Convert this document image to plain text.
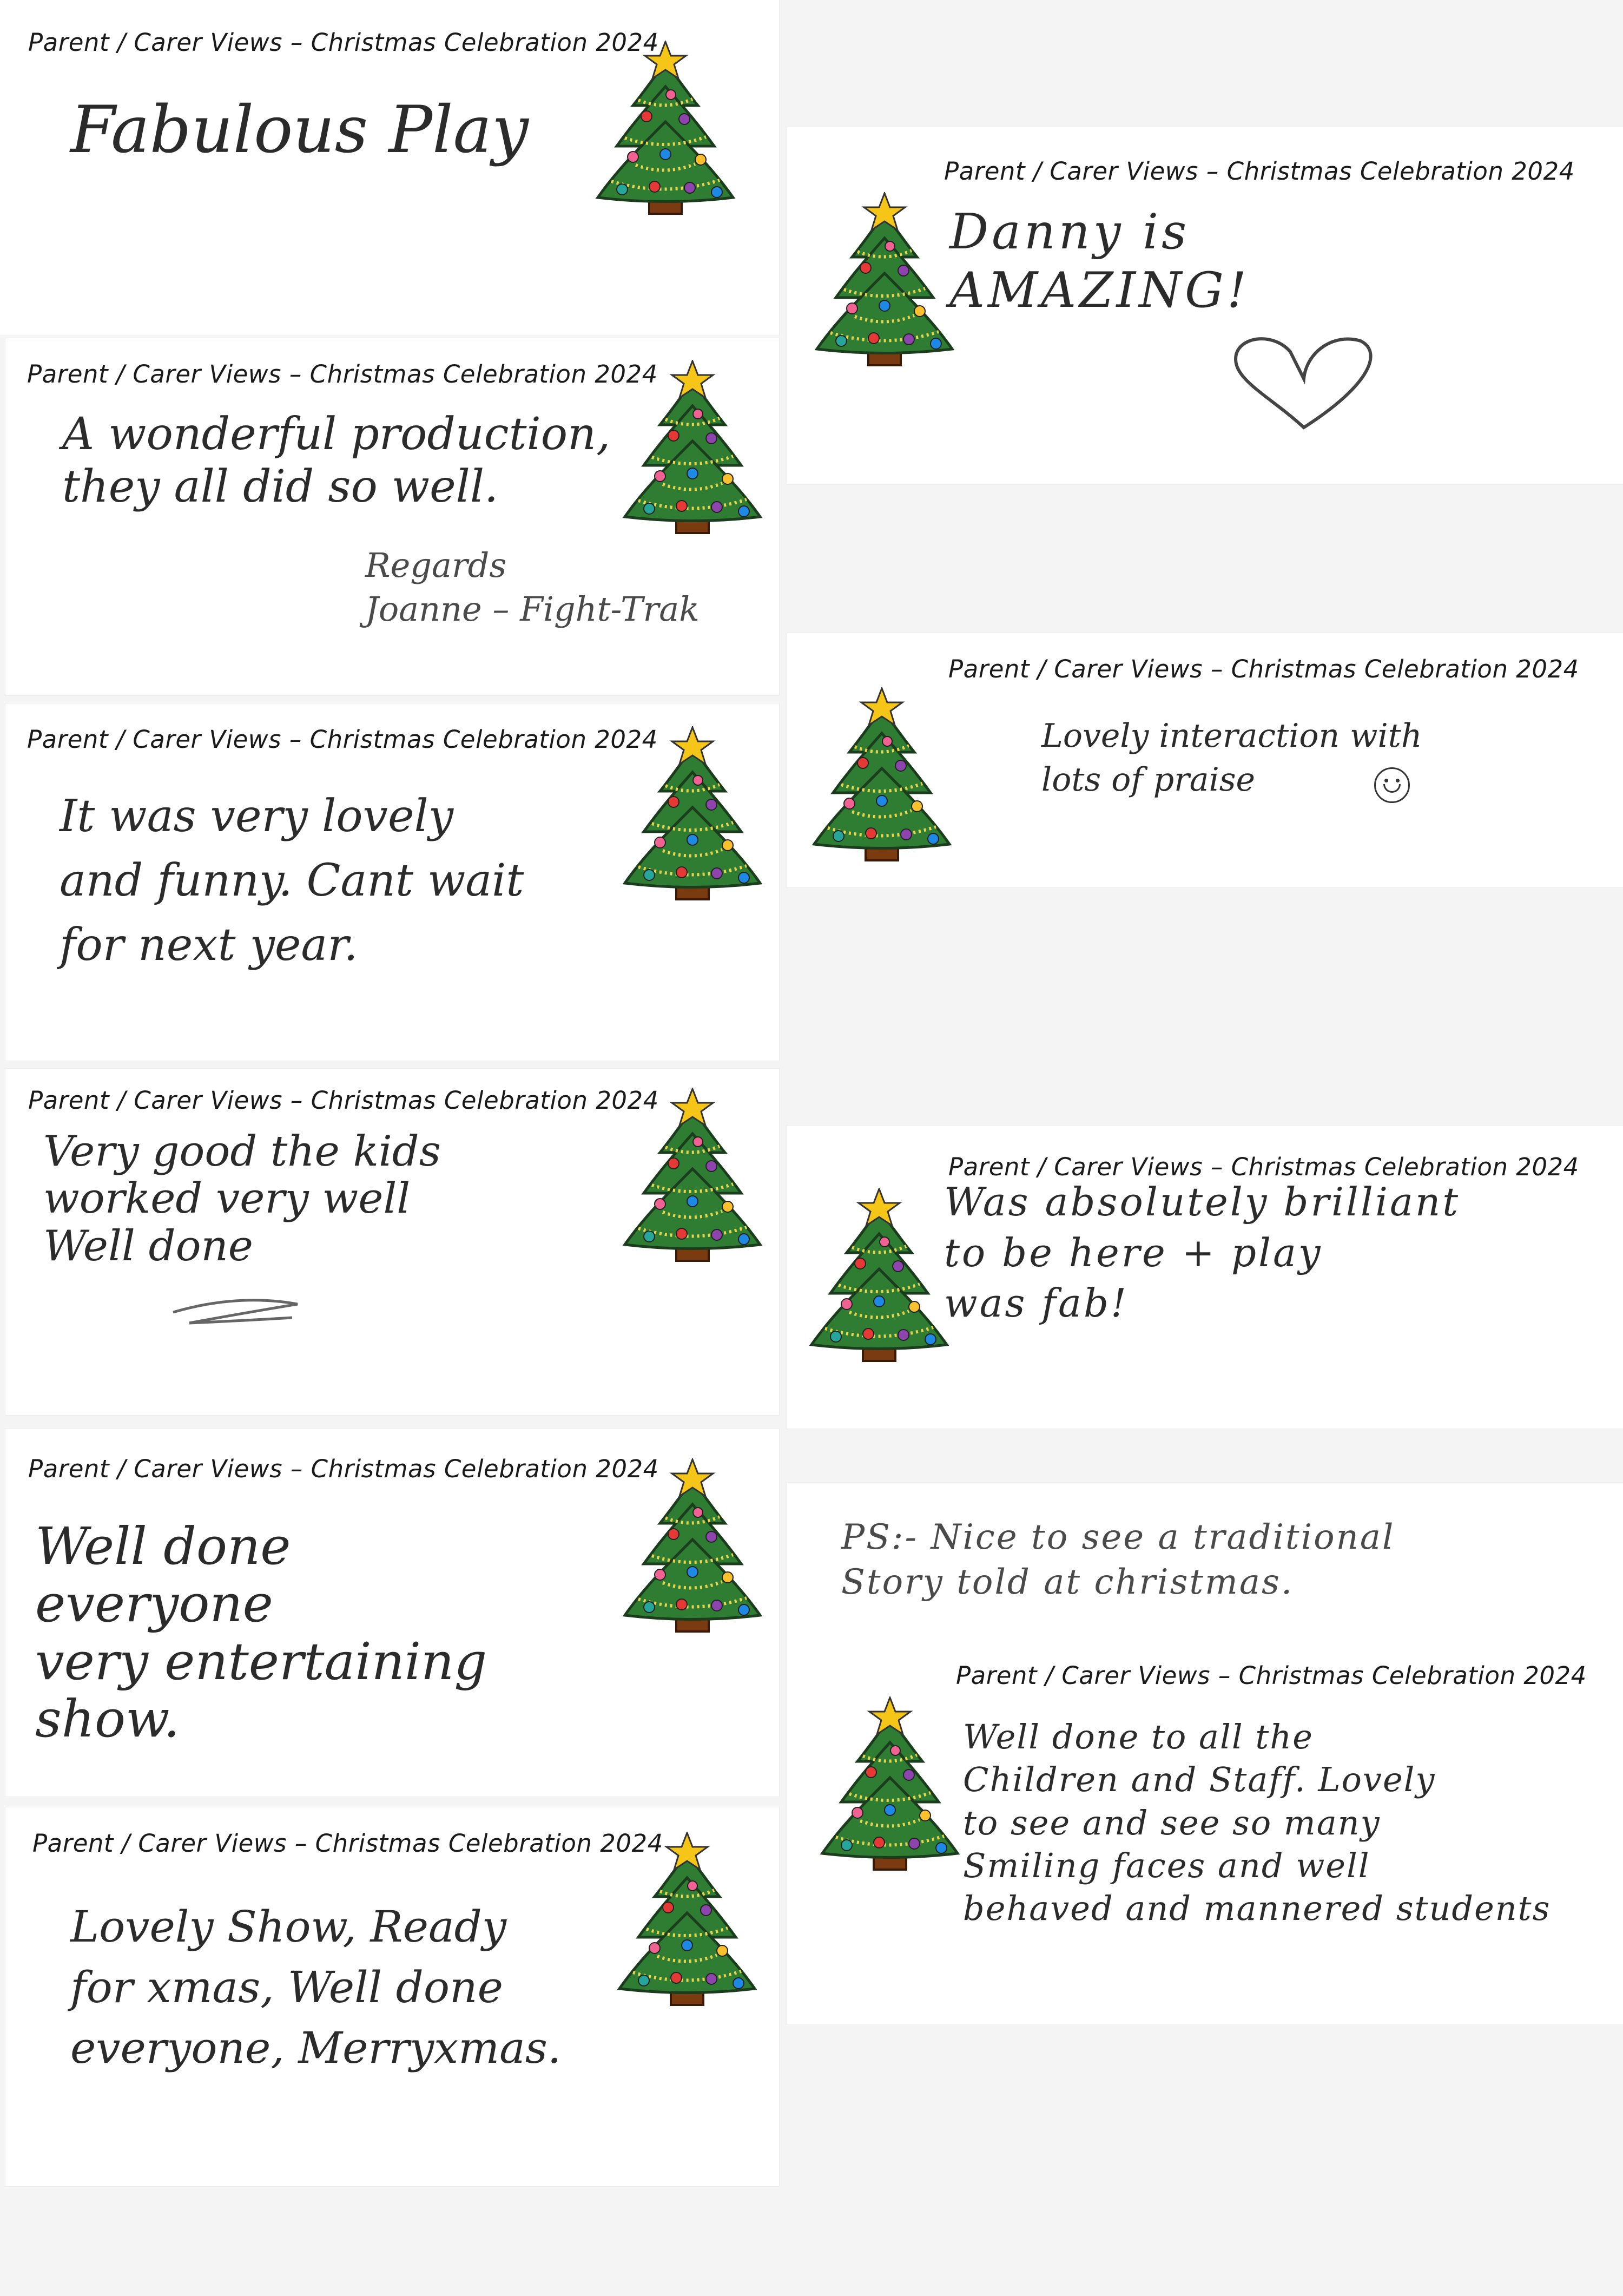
Parent / Carer Views – Christmas Celebration 2024
Fabulous Play
Parent / Carer Views – Christmas Celebration 2024
A wonderful production,
they all did so well.
Regards
Joanne – Fight-Trak
Parent / Carer Views – Christmas Celebration 2024
It was very lovely
and funny. Cant wait
for next year.
Parent / Carer Views – Christmas Celebration 2024
Very good the kids
worked very well
Well done
Parent / Carer Views – Christmas Celebration 2024
Well done
everyone
very entertaining
show.
Parent / Carer Views – Christmas Celebration 2024
Lovely Show, Ready
for xmas, Well done
everyone, Merryxmas.
Parent / Carer Views – Christmas Celebration 2024
Danny is
AMAZING!
Parent / Carer Views – Christmas Celebration 2024
Lovely interaction with
lots of praise
Parent / Carer Views – Christmas Celebration 2024
Was absolutely brilliant
to be here + play
was fab!
PS:- Nice to see a traditional
Story told at christmas.
Parent / Carer Views – Christmas Celebration 2024
Well done to all the
Children and Staff. Lovely
to see and see so many
Smiling faces and well
behaved and mannered students
